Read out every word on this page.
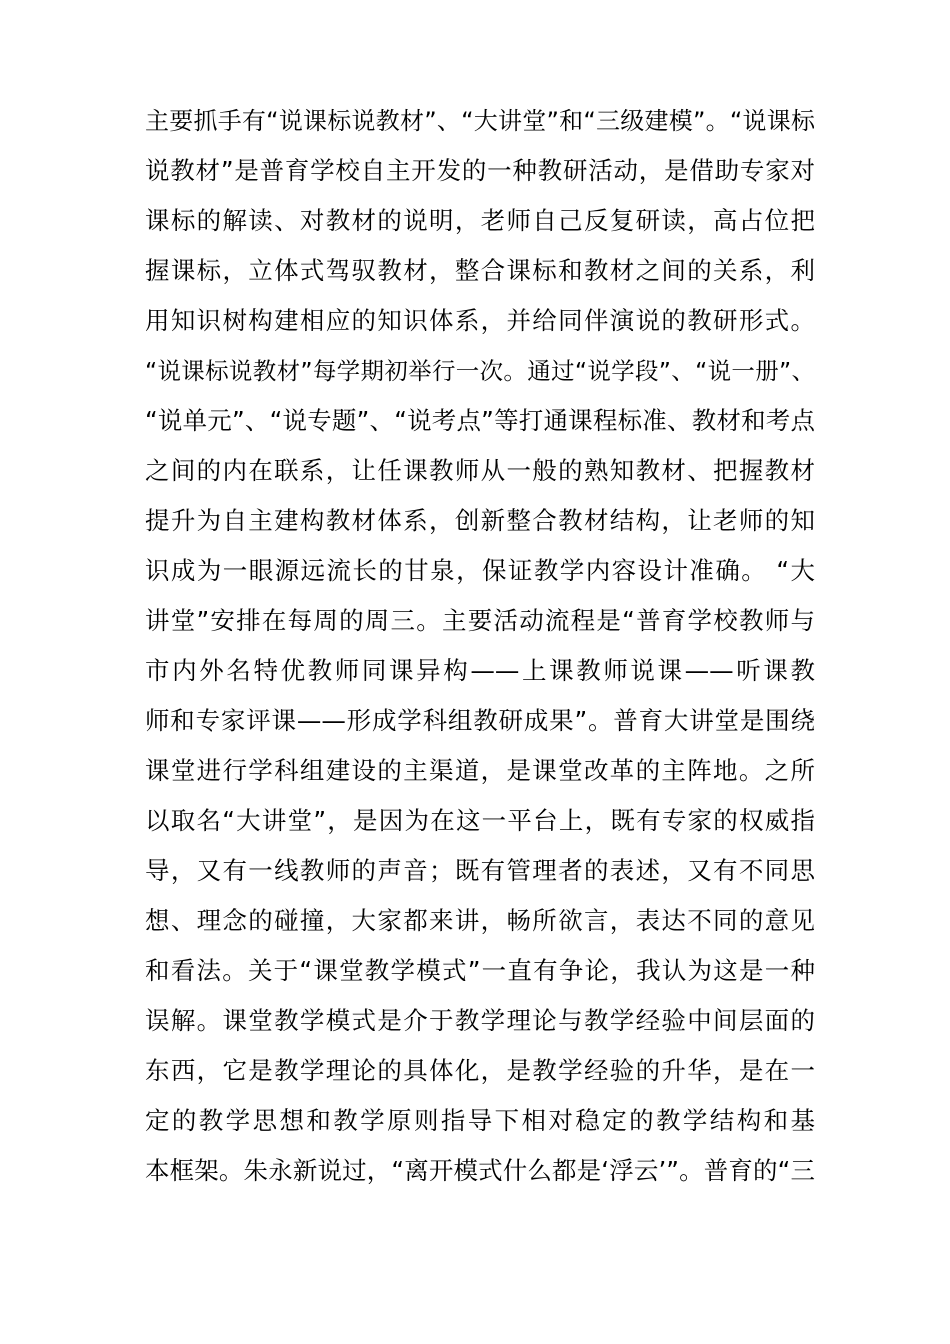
主要抓手有“说课标说教材”、“大讲堂”和“三级建模”。“说课标
说教材”是普育学校自主开发的一种教研活动，是借助专家对
课标的解读、对教材的说明，老师自己反复研读，高占位把
握课标，立体式驾驭教材，整合课标和教材之间的关系，利
用知识树构建相应的知识体系，并给同伴演说的教研形式。
“说课标说教材”每学期初举行一次。通过“说学段”、“说一册”、
“说单元”、“说专题”、“说考点”等打通课程标准、教材和考点
之间的内在联系，让任课教师从一般的熟知教材、把握教材
提升为自主建构教材体系，创新整合教材结构，让老师的知
识成为一眼源远流长的甘泉，保证教学内容设计准确。 “大
讲堂”安排在每周的周三。主要活动流程是“普育学校教师与
市内外名特优教师同课异构——上课教师说课——听课教
师和专家评课——形成学科组教研成果”。普育大讲堂是围绕
课堂进行学科组建设的主渠道，是课堂改革的主阵地。之所
以取名“大讲堂”，是因为在这一平台上，既有专家的权威指
导，又有一线教师的声音；既有管理者的表述，又有不同思
想、理念的碰撞，大家都来讲，畅所欲言，表达不同的意见
和看法。关于“课堂教学模式”一直有争论，我认为这是一种
误解。课堂教学模式是介于教学理论与教学经验中间层面的
东西，它是教学理论的具体化，是教学经验的升华，是在一
定的教学思想和教学原则指导下相对稳定的教学结构和基
本框架。朱永新说过，“离开模式什么都是‘浮云’”。普育的“三
